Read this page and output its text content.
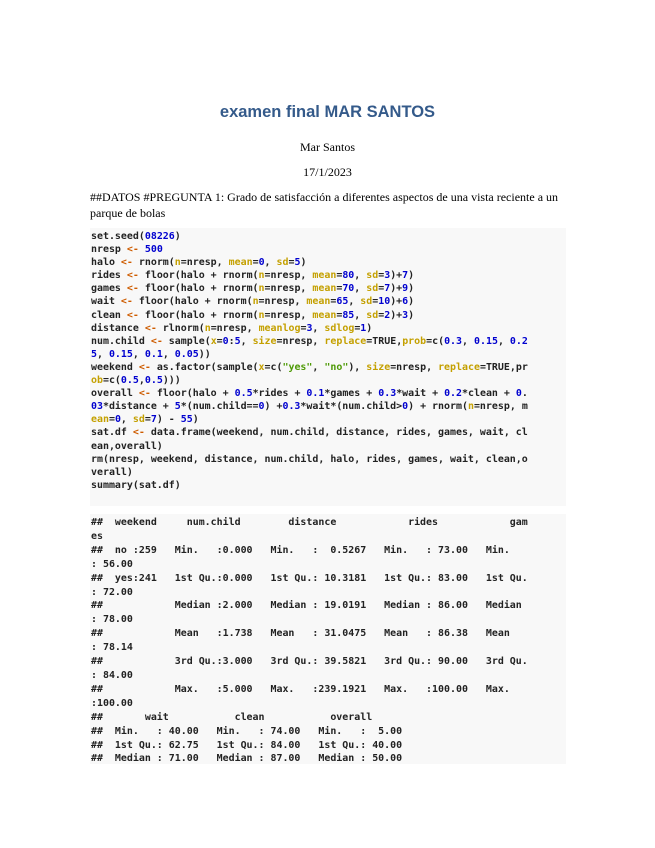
examen final MAR SANTOS
Mar Santos
17/1/2023
##DATOS #PREGUNTA 1: Grado de satisfacción a diferentes aspectos de una vista reciente a un parque de bolas
set.seed(08226)
nresp <- 500
halo <- rnorm(n=nresp, mean=0, sd=5)
rides <- floor(halo + rnorm(n=nresp, mean=80, sd=3)+7)
games <- floor(halo + rnorm(n=nresp, mean=70, sd=7)+9)
wait <- floor(halo + rnorm(n=nresp, mean=65, sd=10)+6)
clean <- floor(halo + rnorm(n=nresp, mean=85, sd=2)+3)
distance <- rlnorm(n=nresp, meanlog=3, sdlog=1)
num.child <- sample(x=0:5, size=nresp, replace=TRUE,prob=c(0.3, 0.15, 0.2
5, 0.15, 0.1, 0.05))
weekend <- as.factor(sample(x=c("yes", "no"), size=nresp, replace=TRUE,pr
ob=c(0.5,0.5)))
overall <- floor(halo + 0.5*rides + 0.1*games + 0.3*wait + 0.2*clean + 0.
03*distance + 5*(num.child==0) +0.3*wait*(num.child>0) + rnorm(n=nresp, m
ean=0, sd=7) - 55)
sat.df <- data.frame(weekend, num.child, distance, rides, games, wait, cl
ean,overall)
rm(nresp, weekend, distance, num.child, halo, rides, games, wait, clean,o
verall)
summary(sat.df)
##  weekend     num.child        distance            rides            gam
es
##  no :259   Min.   :0.000   Min.   :  0.5267   Min.   : 73.00   Min.
: 56.00
##  yes:241   1st Qu.:0.000   1st Qu.: 10.3181   1st Qu.: 83.00   1st Qu.
: 72.00
##            Median :2.000   Median : 19.0191   Median : 86.00   Median
: 78.00
##            Mean   :1.738   Mean   : 31.0475   Mean   : 86.38   Mean
: 78.14
##            3rd Qu.:3.000   3rd Qu.: 39.5821   3rd Qu.: 90.00   3rd Qu.
: 84.00
##            Max.   :5.000   Max.   :239.1921   Max.   :100.00   Max.
:100.00
##       wait           clean           overall
##  Min.   : 40.00   Min.   : 74.00   Min.   :  5.00
##  1st Qu.: 62.75   1st Qu.: 84.00   1st Qu.: 40.00
##  Median : 71.00   Median : 87.00   Median : 50.00
